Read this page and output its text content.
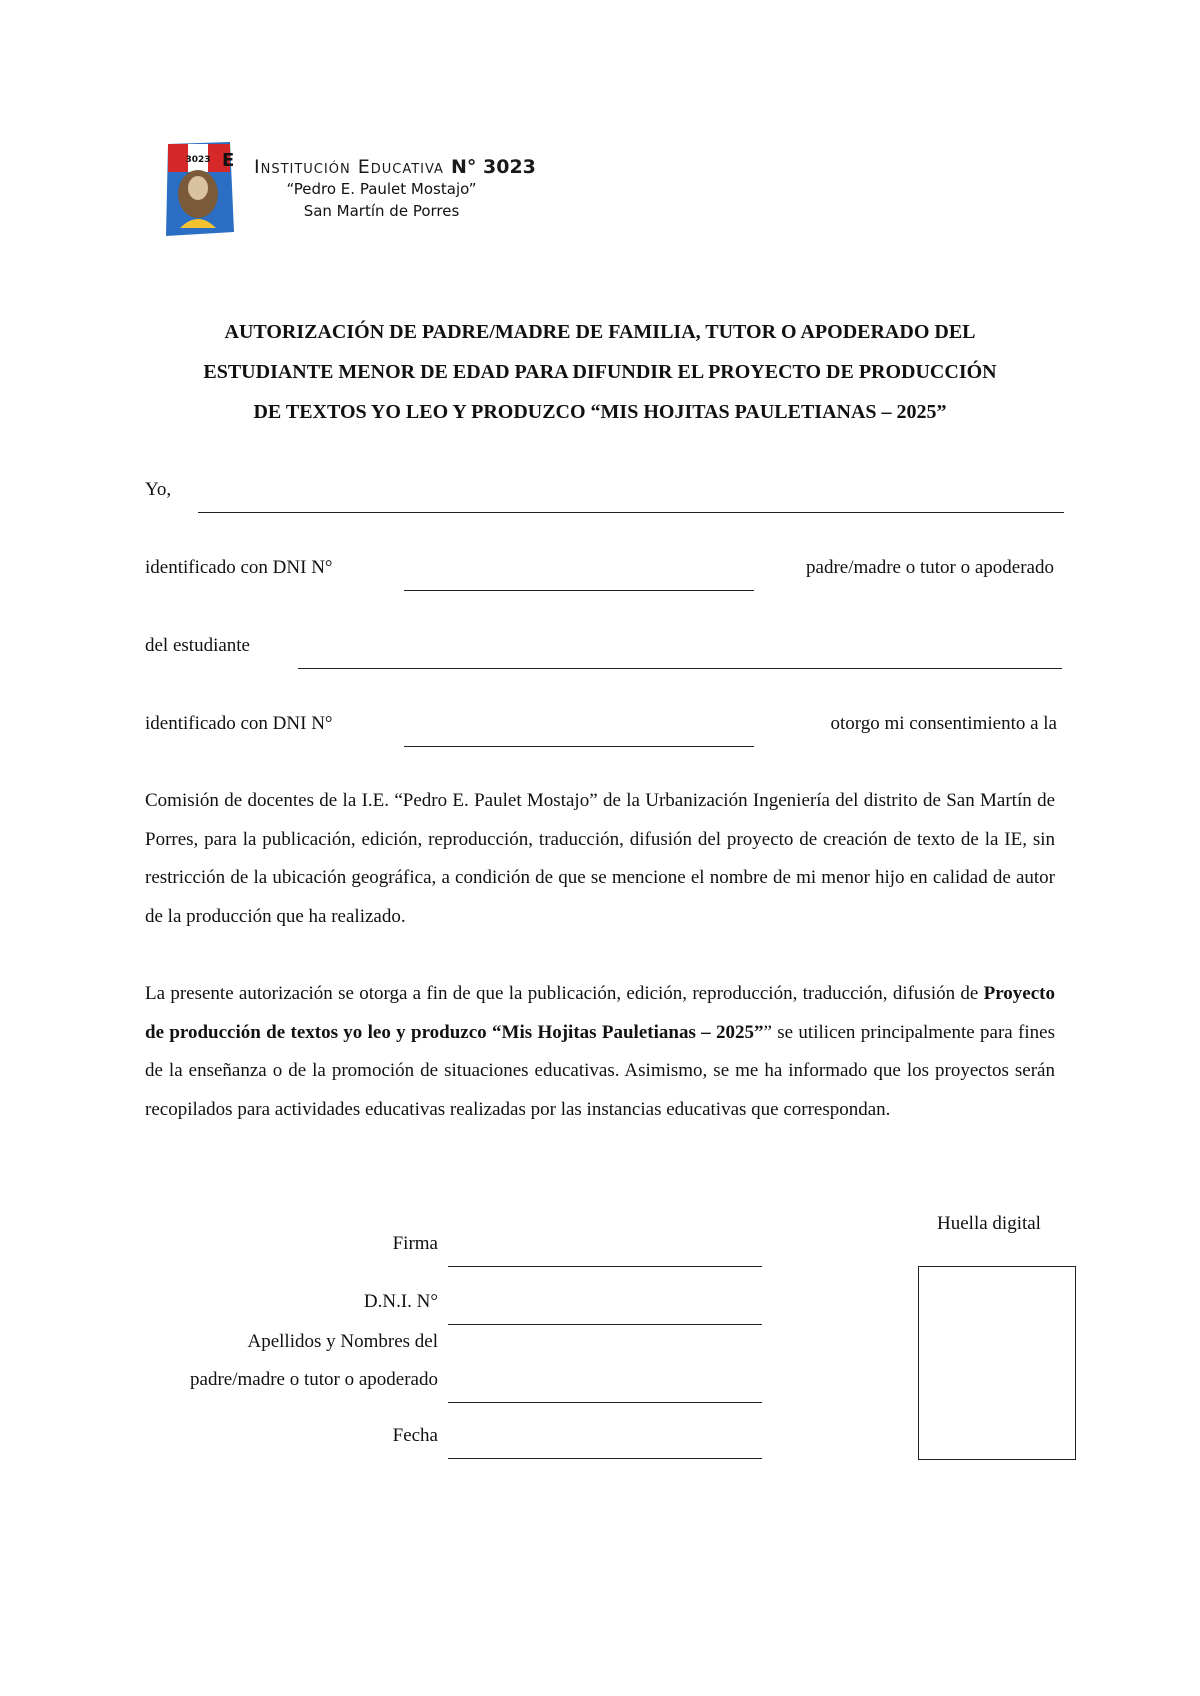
E
3023 Institución Educativa N° 3023
“Pedro E. Paulet Mostajo”
San Martín de Porres
AUTORIZACIÓN DE PADRE/MADRE DE FAMILIA, TUTOR O APODERADO DEL
ESTUDIANTE MENOR DE EDAD PARA DIFUNDIR EL PROYECTO DE PRODUCCIÓN
DE TEXTOS YO LEO Y PRODUZCO “MIS HOJITAS PAULETIANAS – 2025”
Yo,
identificado con DNI N°	padre/madre o tutor o apoderado
del estudiante
identificado con DNI N°	otorgo mi consentimiento a la
Comisión de docentes de la I.E. “Pedro E. Paulet Mostajo” de la Urbanización Ingeniería del distrito de San Martín de Porres, para la publicación, edición, reproducción, traducción, difusión del proyecto de creación de texto de la IE, sin restricción de la ubicación geográfica, a condición de que se mencione el nombre de mi menor hijo en calidad de autor de la producción que ha realizado.
La presente autorización se otorga a fin de que la publicación, edición, reproducción, traducción, difusión de Proyecto de producción de textos yo leo y produzco “Mis Hojitas Pauletianas – 2025”” se utilicen principalmente para fines de la enseñanza o de la promoción de situaciones educativas. Asimismo, se me ha informado que los proyectos serán recopilados para actividades educativas realizadas por las instancias educativas que correspondan.
Huella digital
Firma
D.N.I. N°
Apellidos y Nombres del
padre/madre o tutor o apoderado
Fecha
